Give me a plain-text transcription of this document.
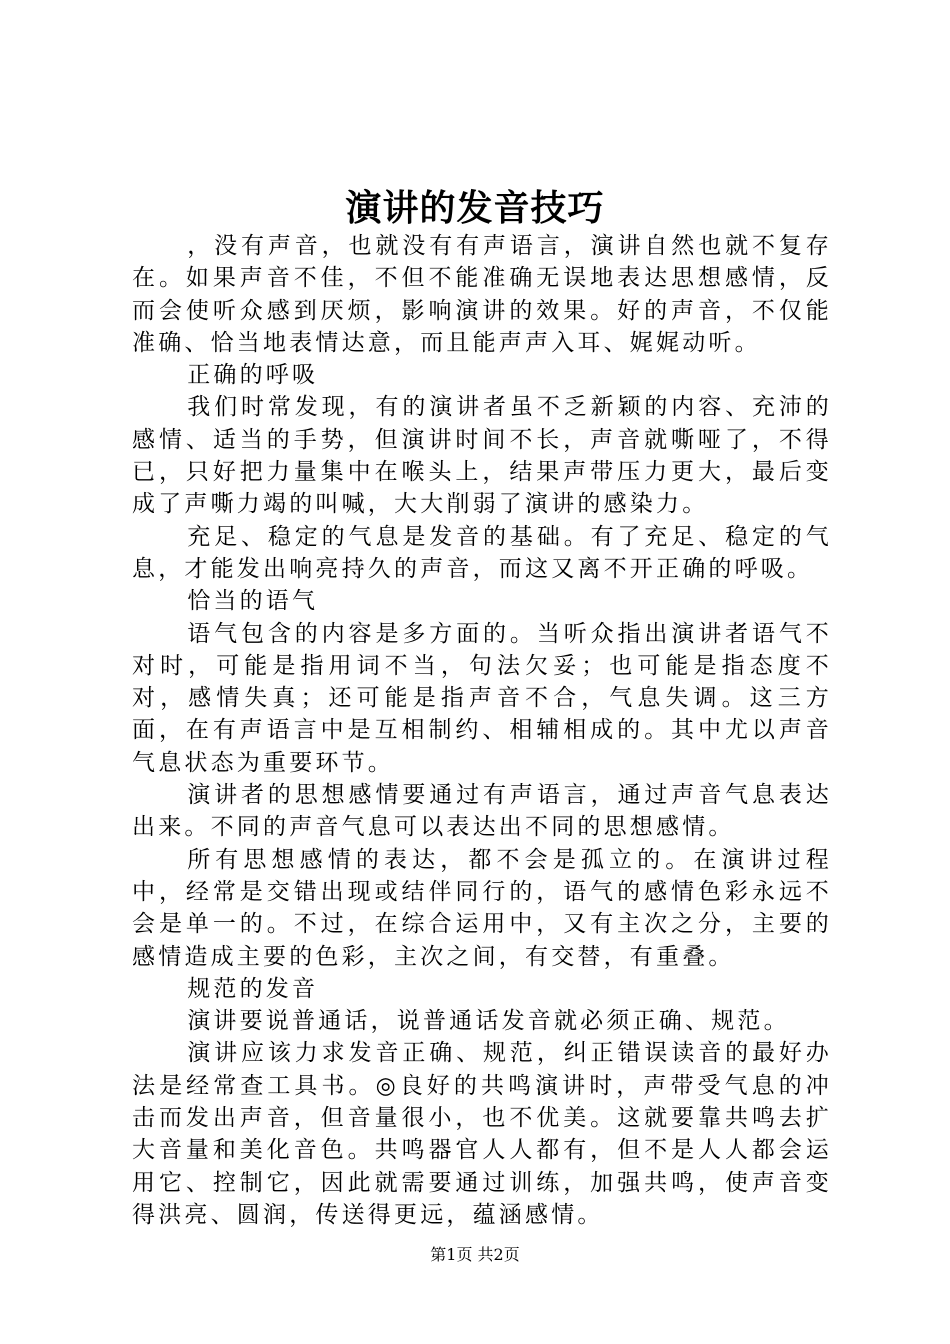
演讲的发音技巧

，没有声音，也就没有有声语言，演讲自然也就不复存在。如果声音不佳，不但不能准确无误地表达思想感情，反而会使听众感到厌烦，影响演讲的效果。好的声音，不仅能准确、恰当地表情达意，而且能声声入耳、娓娓动听。

正确的呼吸

我们时常发现，有的演讲者虽不乏新颖的内容、充沛的感情、适当的手势，但演讲时间不长，声音就嘶哑了，不得已，只好把力量集中在喉头上，结果声带压力更大，最后变成了声嘶力竭的叫喊，大大削弱了演讲的感染力。

充足、稳定的气息是发音的基础。有了充足、稳定的气息，才能发出响亮持久的声音，而这又离不开正确的呼吸。

恰当的语气

语气包含的内容是多方面的。当听众指出演讲者语气不对时，可能是指用词不当，句法欠妥；也可能是指态度不对，感情失真；还可能是指声音不合，气息失调。这三方面，在有声语言中是互相制约、相辅相成的。其中尤以声音气息状态为重要环节。

演讲者的思想感情要通过有声语言，通过声音气息表达出来。不同的声音气息可以表达出不同的思想感情。

所有思想感情的表达，都不会是孤立的。在演讲过程中，经常是交错出现或结伴同行的，语气的感情色彩永远不会是单一的。不过，在综合运用中，又有主次之分，主要的感情造成主要的色彩，主次之间，有交替，有重叠。

规范的发音

演讲要说普通话，说普通话发音就必须正确、规范。

演讲应该力求发音正确、规范，纠正错误读音的最好办法是经常查工具书。◎良好的共鸣演讲时，声带受气息的冲击而发出声音，但音量很小，也不优美。这就要靠共鸣去扩大音量和美化音色。共鸣器官人人都有，但不是人人都会运用它、控制它，因此就需要通过训练，加强共鸣，使声音变得洪亮、圆润，传送得更远，蕴涵感情。

第1页 共2页
